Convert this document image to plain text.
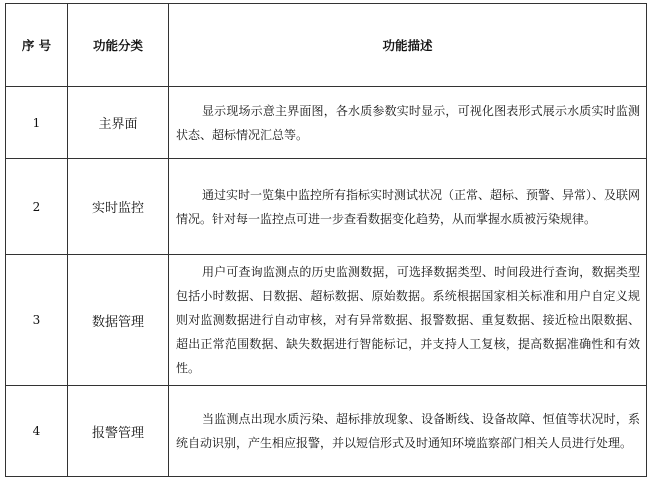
序 号	功能分类	功能描述
1	主界面	显示现场示意主界面图，各水质参数实时显示，可视化图表形式展示水质实时监测状态、超标情况汇总等。

2	实时监控	通过实时一览集中监控所有指标实时测试状况（正常、超标、预警、异常）、及联网情况。针对每一监控点可进一步查看数据变化趋势，从而掌握水质被污染规律。

3	数据管理	用户可查询监测点的历史监测数据，可选择数据类型、时间段进行查询，数据类型包括小时数据、日数据、超标数据、原始数据。系统根据国家相关标准和用户自定义规则对监测数据进行自动审核，对有异常数据、报警数据、重复数据、接近检出限数据、超出正常范围数据、缺失数据进行智能标记，并支持人工复核，提高数据准确性和有效性。

4	报警管理	当监测点出现水质污染、超标排放现象、设备断线、设备故障、恒值等状况时，系统自动识别，产生相应报警，并以短信形式及时通知环境监察部门相关人员进行处理。
